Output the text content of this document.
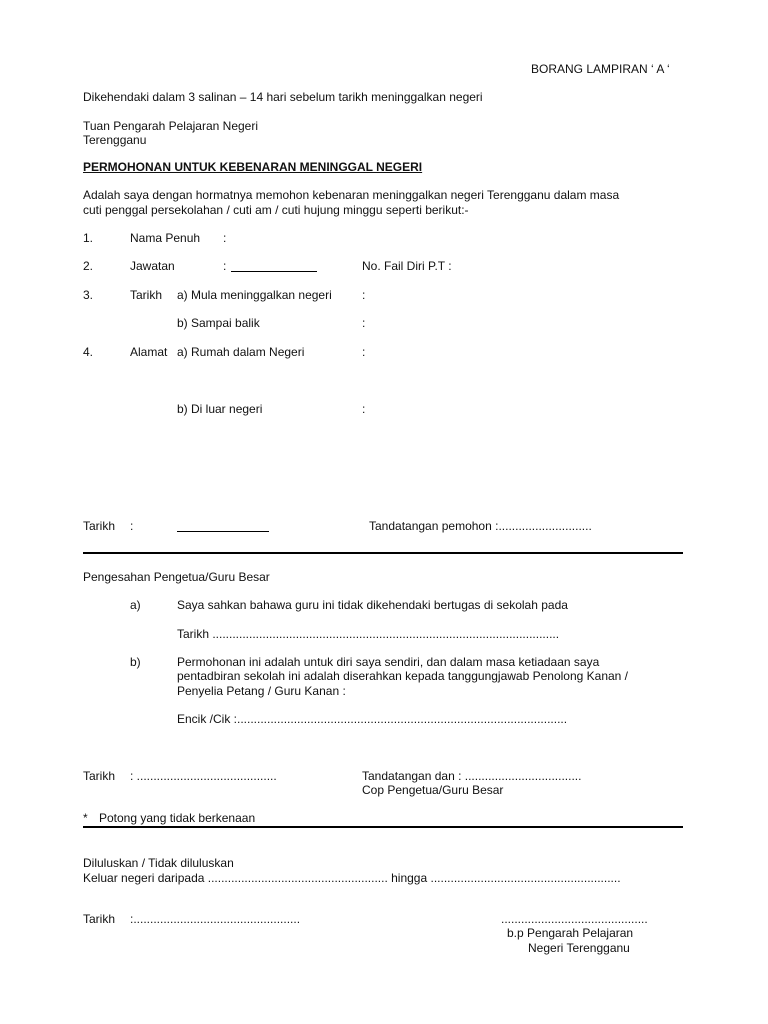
BORANG LAMPIRAN ‘ A ‘
Dikehendaki dalam 3 salinan – 14 hari sebelum tarikh meninggalkan negeri
Tuan Pengarah Pelajaran Negeri
Terengganu
PERMOHONAN UNTUK KEBENARAN MENINGGAL NEGERI
Adalah saya dengan hormatnya memohon kebenaran meninggalkan negeri Terengganu dalam masa
cuti penggal persekolahan / cuti am / cuti hujung minggu seperti berikut:-
1.	Nama Penuh :
2.	Jawatan	:	No. Fail Diri P.T :
3.	Tarikh a) Mula meninggalkan negeri	:
b) Sampai balik	:
4.	Alamat a) Rumah dalam Negeri	:
b) Di luar negeri	:
Tarikh :	Tandatangan pemohon :............................
Pengesahan Pengetua/Guru Besar
a)	Saya sahkan bahawa guru ini tidak dikehendaki bertugas di sekolah pada
Tarikh ........................................................................................................
b)	Permohonan ini adalah untuk diri saya sendiri, dan dalam masa ketiadaan saya
pentadbiran sekolah ini adalah diserahkan kepada tanggungjawab Penolong Kanan /
Penyelia Petang / Guru Kanan :
Encik /Cik :...................................................................................................
Tarikh : ..........................................	Tandatangan dan : ...................................
Cop Pengetua/Guru Besar
* Potong yang tidak berkenaan
Diluluskan / Tidak diluluskan
Keluar negeri daripada ...................................................... hingga .........................................................
Tarikh :..................................................	............................................
b.p Pengarah Pelajaran
Negeri Terengganu
